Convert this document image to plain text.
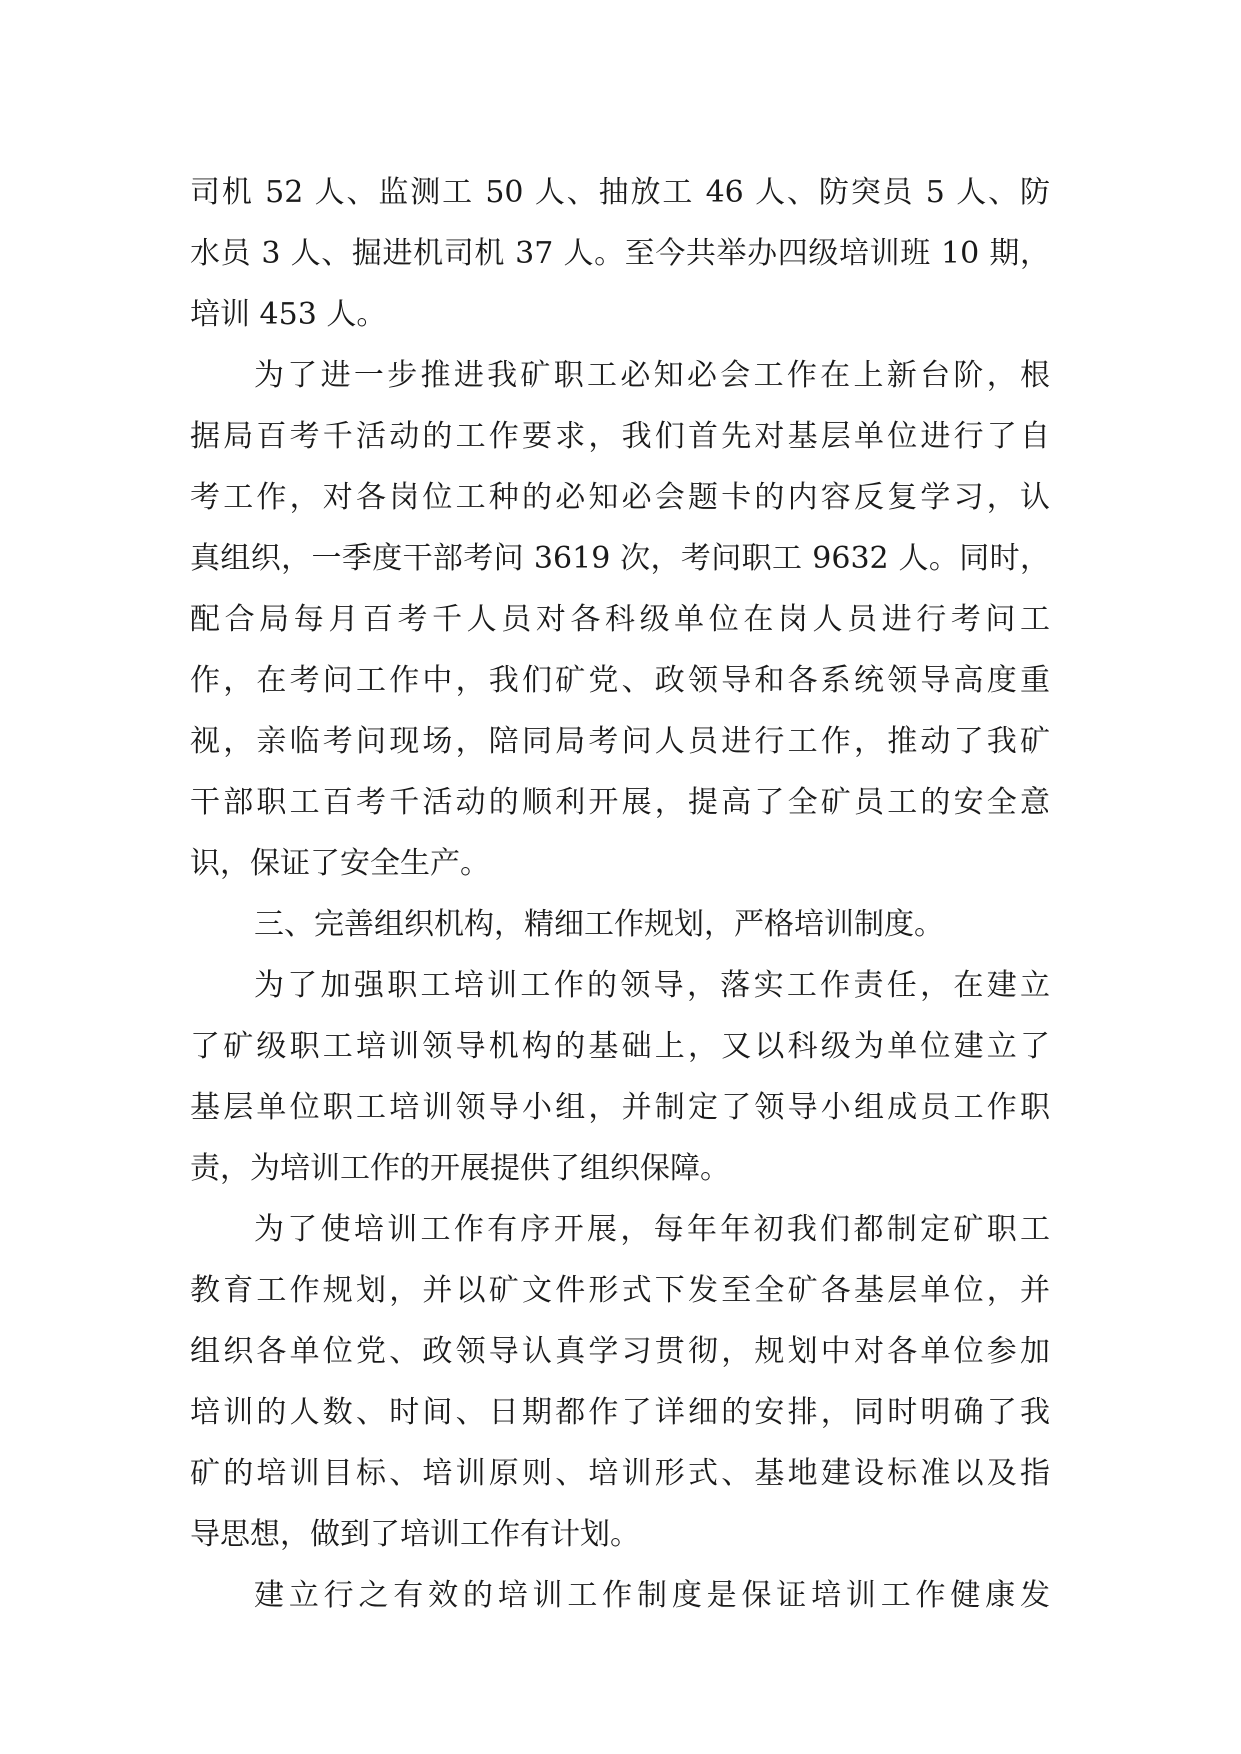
司机 52 人、监测工 50 人、抽放工 46 人、防突员 5 人、防
水员 3 人、掘进机司机 37 人。至今共举办四级培训班 10 期，
培训 453 人。
为了进一步推进我矿职工必知必会工作在上新台阶，根
据局百考千活动的工作要求，我们首先对基层单位进行了自
考工作，对各岗位工种的必知必会题卡的内容反复学习，认
真组织，一季度干部考问 3619 次，考问职工 9632 人。同时，
配合局每月百考千人员对各科级单位在岗人员进行考问工
作，在考问工作中，我们矿党、政领导和各系统领导高度重
视，亲临考问现场，陪同局考问人员进行工作，推动了我矿
干部职工百考千活动的顺利开展，提高了全矿员工的安全意
识，保证了安全生产。
三、完善组织机构，精细工作规划，严格培训制度。
为了加强职工培训工作的领导，落实工作责任，在建立
了矿级职工培训领导机构的基础上，又以科级为单位建立了
基层单位职工培训领导小组，并制定了领导小组成员工作职
责，为培训工作的开展提供了组织保障。
为了使培训工作有序开展，每年年初我们都制定矿职工
教育工作规划，并以矿文件形式下发至全矿各基层单位，并
组织各单位党、政领导认真学习贯彻，规划中对各单位参加
培训的人数、时间、日期都作了详细的安排，同时明确了我
矿的培训目标、培训原则、培训形式、基地建设标准以及指
导思想，做到了培训工作有计划。
建立行之有效的培训工作制度是保证培训工作健康发
